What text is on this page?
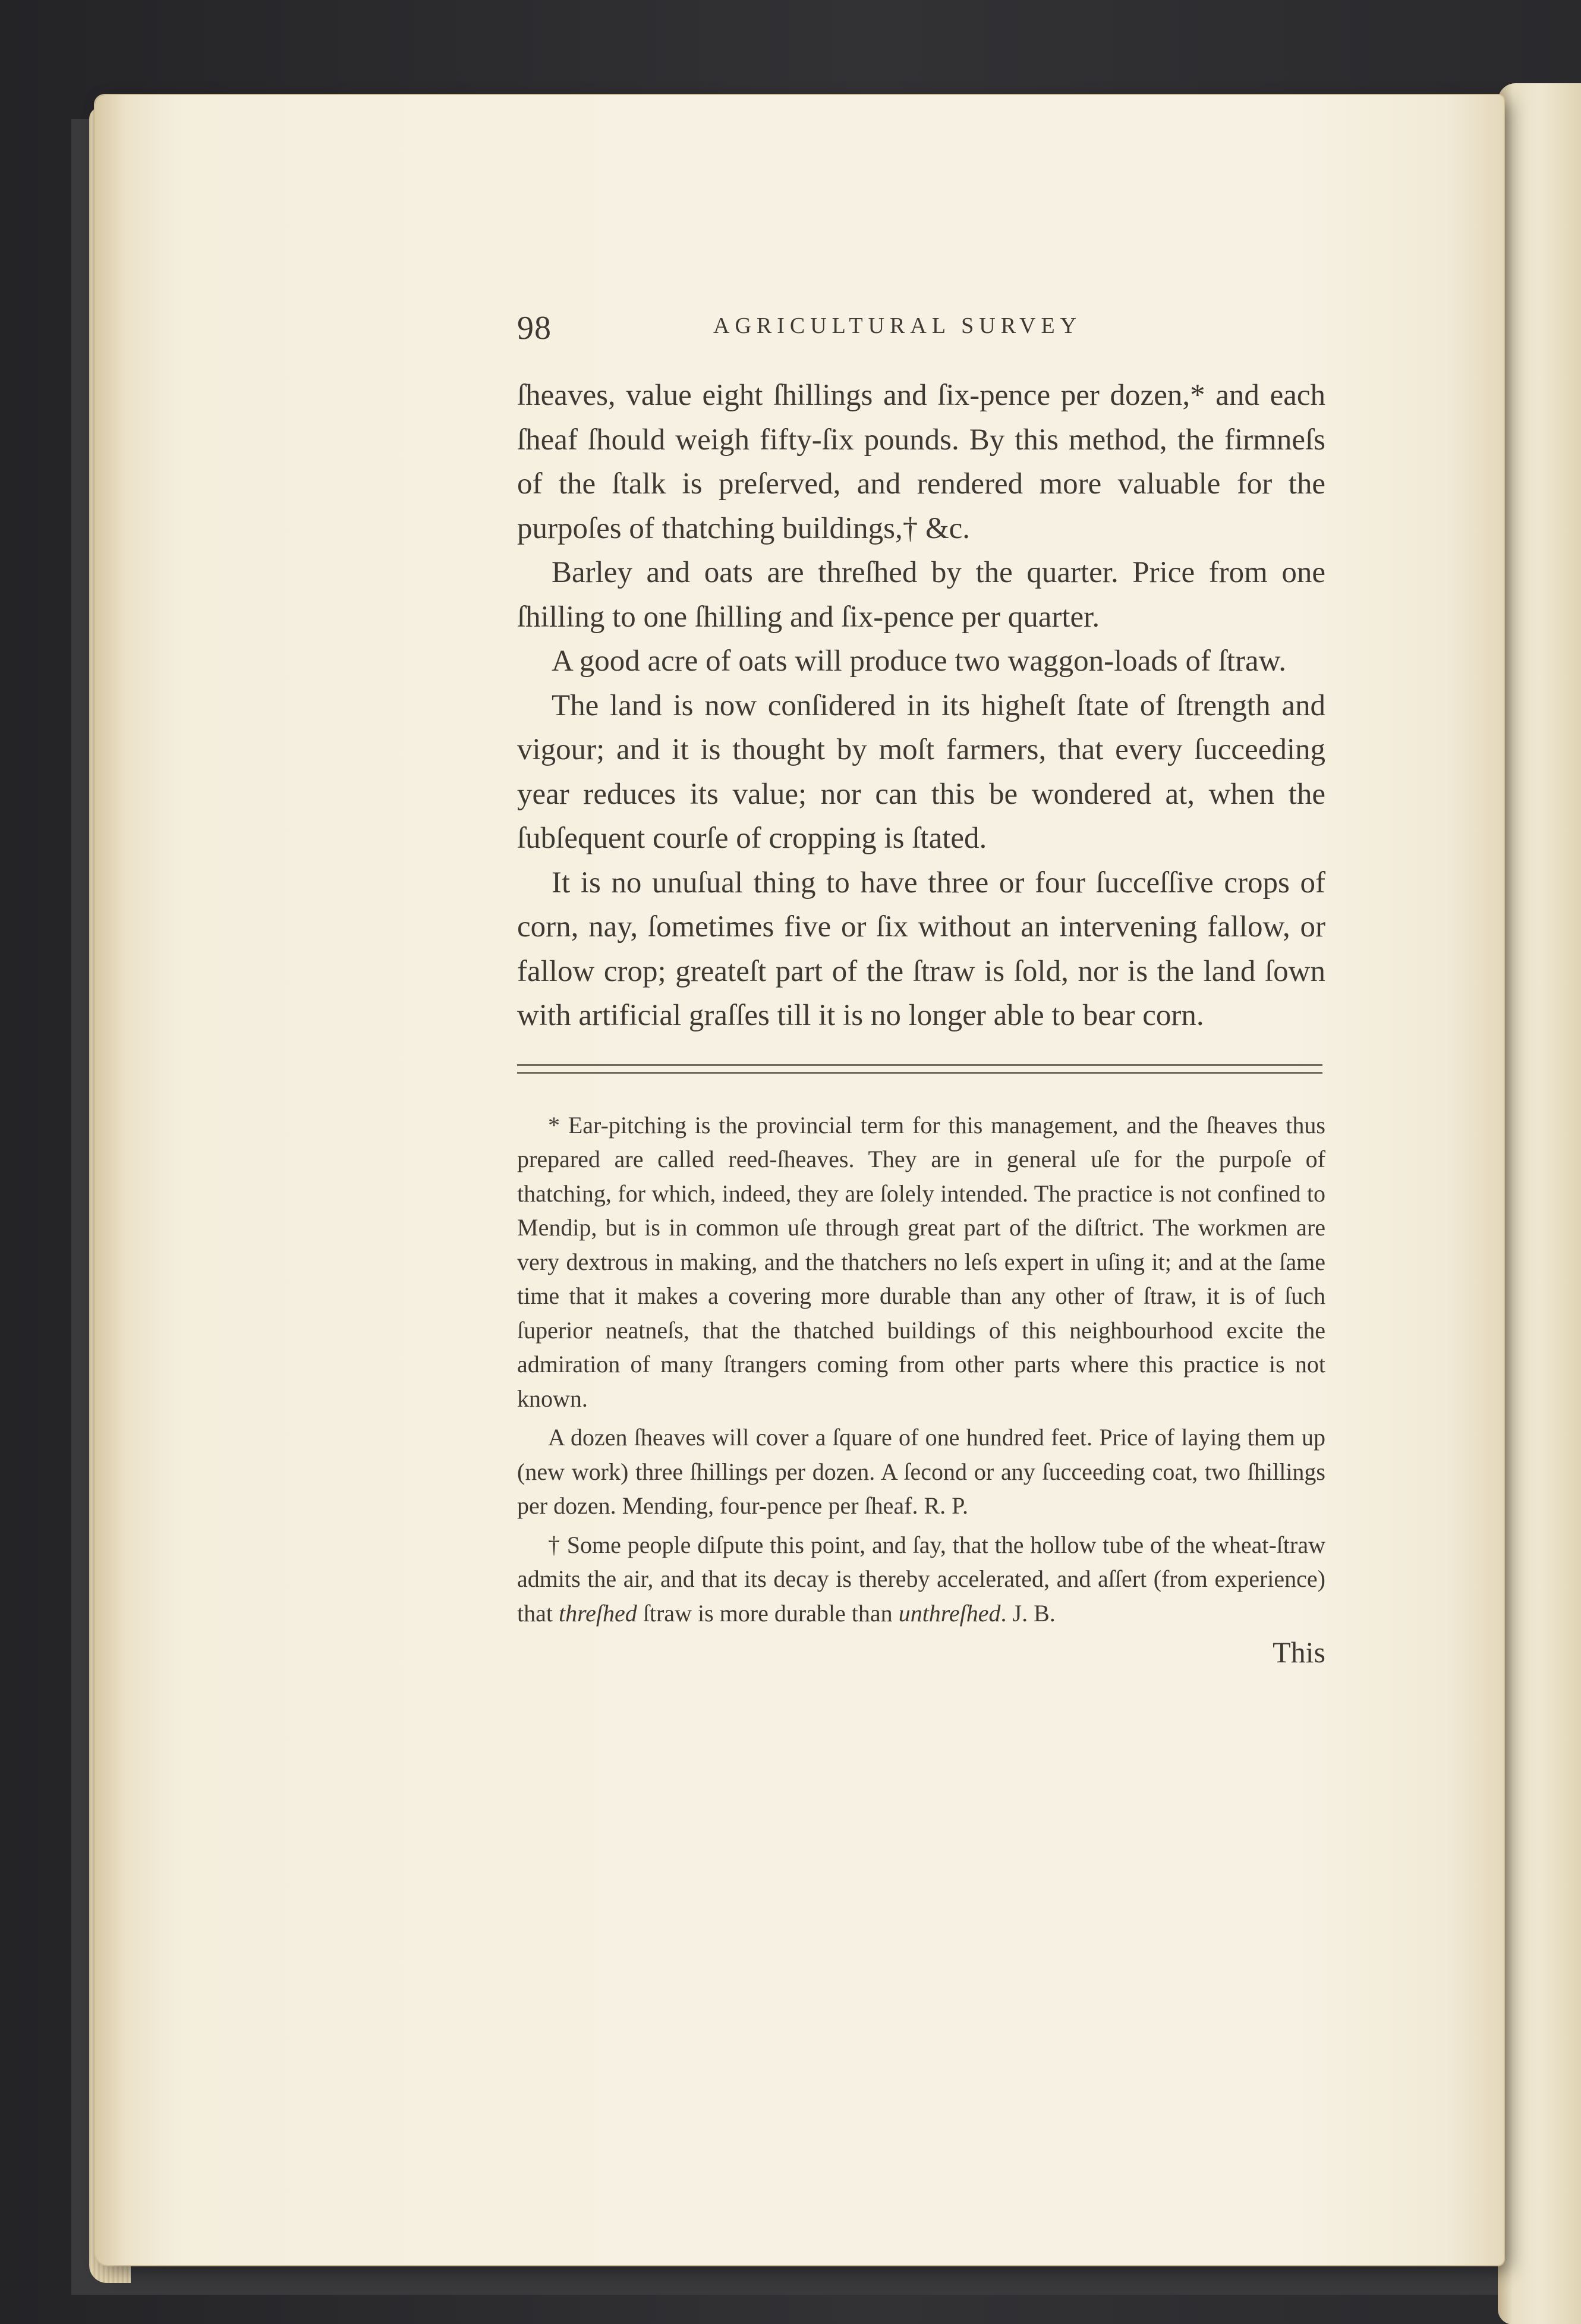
98	AGRICULTURAL SURVEY

ſheaves, value eight ſhillings and ſix-pence per dozen,* and each ſheaf ſhould weigh fifty-ſix pounds. By this method, the firmneſs of the ſtalk is preſerved, and rendered more valuable for the purpoſes of thatching buildings,† &c.

Barley and oats are threſhed by the quarter. Price from one ſhilling to one ſhilling and ſix-pence per quarter.

A good acre of oats will produce two waggon-loads of ſtraw.

The land is now conſidered in its higheſt ſtate of ſtrength and vigour; and it is thought by moſt farmers, that every ſucceeding year reduces its value; nor can this be wondered at, when the ſubſequent courſe of cropping is ſtated.

It is no unuſual thing to have three or four ſucceſſive crops of corn, nay, ſometimes five or ſix without an intervening fallow, or fallow crop; greateſt part of the ſtraw is ſold, nor is the land ſown with artificial graſſes till it is no longer able to bear corn.

* Ear-pitching is the provincial term for this management, and the ſheaves thus prepared are called reed-ſheaves. They are in general uſe for the purpoſe of thatching, for which, indeed, they are ſolely intended. The practice is not confined to Mendip, but is in common uſe through great part of the diſtrict. The workmen are very dextrous in making, and the thatchers no leſs expert in uſing it; and at the ſame time that it makes a covering more durable than any other of ſtraw, it is of ſuch ſuperior neatneſs, that the thatched buildings of this neighbourhood excite the admiration of many ſtrangers coming from other parts where this practice is not known.

A dozen ſheaves will cover a ſquare of one hundred feet. Price of laying them up (new work) three ſhillings per dozen. A ſecond or any ſucceeding coat, two ſhillings per dozen. Mending, four-pence per ſheaf. R. P.

† Some people diſpute this point, and ſay, that the hollow tube of the wheat-ſtraw admits the air, and that its decay is thereby accelerated, and aſſert (from experience) that threſhed ſtraw is more durable than unthreſhed. J. B.

This
